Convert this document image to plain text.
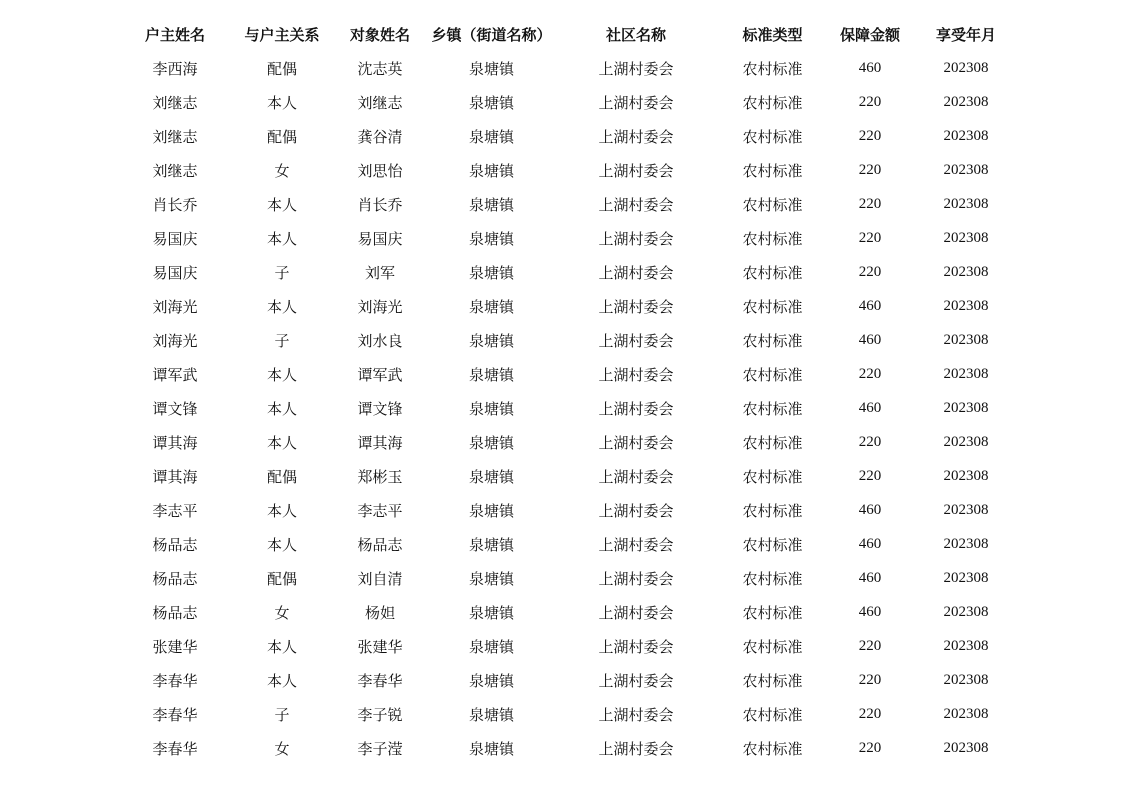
户主姓名	与户主关系	对象姓名	乡镇（街道名称）	社区名称	标准类型	保障金额	享受年月
李西海	配偶	沈志英	泉塘镇	上湖村委会	农村标准	460	202308
刘继志	本人	刘继志	泉塘镇	上湖村委会	农村标准	220	202308
刘继志	配偶	龚谷清	泉塘镇	上湖村委会	农村标准	220	202308
刘继志	女	刘思怡	泉塘镇	上湖村委会	农村标准	220	202308
肖长乔	本人	肖长乔	泉塘镇	上湖村委会	农村标准	220	202308
易国庆	本人	易国庆	泉塘镇	上湖村委会	农村标准	220	202308
易国庆	子	刘军	泉塘镇	上湖村委会	农村标准	220	202308
刘海光	本人	刘海光	泉塘镇	上湖村委会	农村标准	460	202308
刘海光	子	刘水良	泉塘镇	上湖村委会	农村标准	460	202308
谭军武	本人	谭军武	泉塘镇	上湖村委会	农村标准	220	202308
谭文锋	本人	谭文锋	泉塘镇	上湖村委会	农村标准	460	202308
谭其海	本人	谭其海	泉塘镇	上湖村委会	农村标准	220	202308
谭其海	配偶	郑彬玉	泉塘镇	上湖村委会	农村标准	220	202308
李志平	本人	李志平	泉塘镇	上湖村委会	农村标准	460	202308
杨品志	本人	杨品志	泉塘镇	上湖村委会	农村标准	460	202308
杨品志	配偶	刘自清	泉塘镇	上湖村委会	农村标准	460	202308
杨品志	女	杨妲	泉塘镇	上湖村委会	农村标准	460	202308
张建华	本人	张建华	泉塘镇	上湖村委会	农村标准	220	202308
李春华	本人	李春华	泉塘镇	上湖村委会	农村标准	220	202308
李春华	子	李子锐	泉塘镇	上湖村委会	农村标准	220	202308
李春华	女	李子滢	泉塘镇	上湖村委会	农村标准	220	202308
